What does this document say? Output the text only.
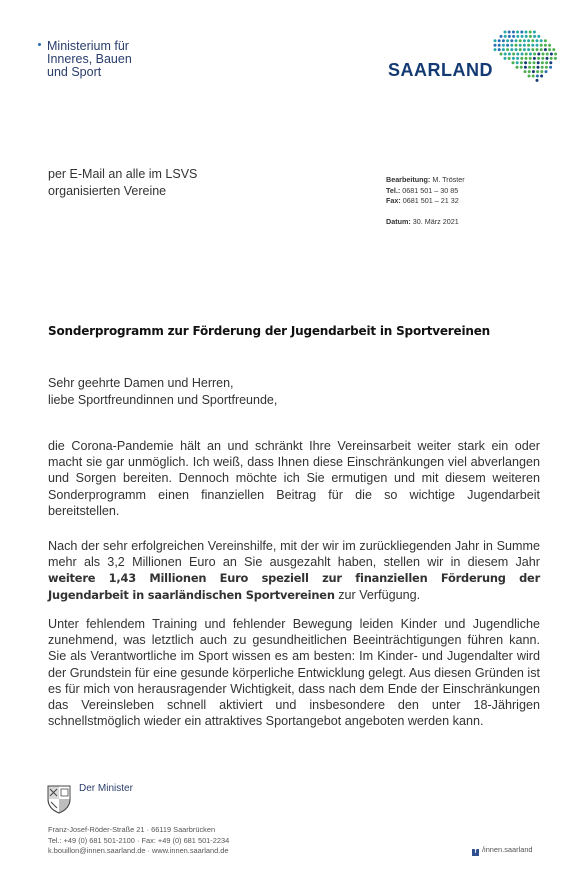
Ministerium für
Inneres, Bauen
und Sport	SAARLAND
per E-Mail an alle im LSVS
organisierten Vereine
Bearbeitung: M. Tröster
Tel.: 0681 501 – 30 85
Fax: 0681 501 – 21 32
Datum: 30. März 2021
Sonderprogramm zur Förderung der Jugendarbeit in Sportvereinen
Sehr geehrte Damen und Herren,
liebe Sportfreundinnen und Sportfreunde,
die Corona-Pandemie hält an und schränkt Ihre Vereinsarbeit weiter stark ein oder macht sie gar unmöglich. Ich weiß, dass Ihnen diese Einschränkungen viel abverlangen und Sorgen bereiten. Dennoch möchte ich Sie ermutigen und mit diesem weiteren Sonderprogramm einen finanziellen Beitrag für die so wichtige Jugendarbeit bereitstellen.
Nach der sehr erfolgreichen Vereinshilfe, mit der wir im zurückliegenden Jahr in Summe mehr als 3,2 Millionen Euro an Sie ausgezahlt haben, stellen wir in diesem Jahr weitere 1,43 Millionen Euro speziell zur finanziellen Förderung der Jugendarbeit in saarländischen Sportvereinen zur Verfügung.
Unter fehlendem Training und fehlender Bewegung leiden Kinder und Jugendliche zunehmend, was letztlich auch zu gesundheitlichen Beeinträchtigungen führen kann. Sie als Verantwortliche im Sport wissen es am besten: Im Kinder- und Jugendalter wird der Grundstein für eine gesunde körperliche Entwicklung gelegt. Aus diesen Gründen ist es für mich von herausragender Wichtigkeit, dass nach dem Ende der Einschränkungen das Vereinsleben schnell aktiviert und insbesondere den unter 18-Jährigen schnellstmöglich wieder ein attraktives Sportangebot angeboten werden kann.
Der Minister
Franz-Josef-Röder-Straße 21 · 66119 Saarbrücken
Tel.: +49 (0) 681 501-2100 · Fax: +49 (0) 681 501-2234
k.bouillon@innen.saarland.de · www.innen.saarland.de	f /innen.saarland
